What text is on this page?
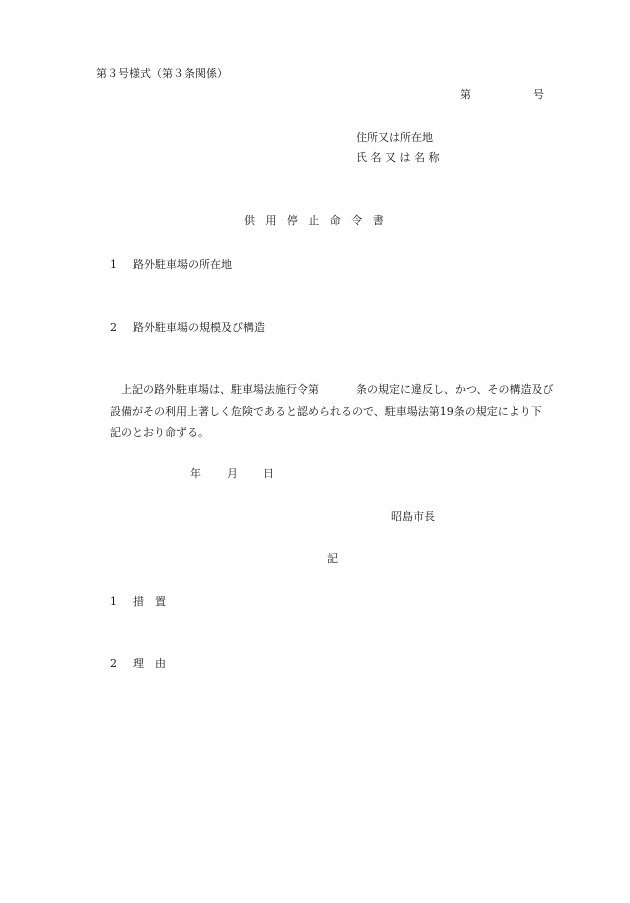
第３号様式（第３条関係）
第	号
住所又は所在地
氏 名 又 は 名 称
供用停止命令書
1 路外駐車場の所在地
2 路外駐車場の規模及び構造
上記の路外駐車場は、駐車場法施行令第	条の規定に違反し、かつ、その構造及び
設備がその利用上著しく危険であると認められるので、駐車場法第19条の規定により下
記のとおり命ずる。
年 月 日
昭島市長
記
1 措　置
2 理　由
